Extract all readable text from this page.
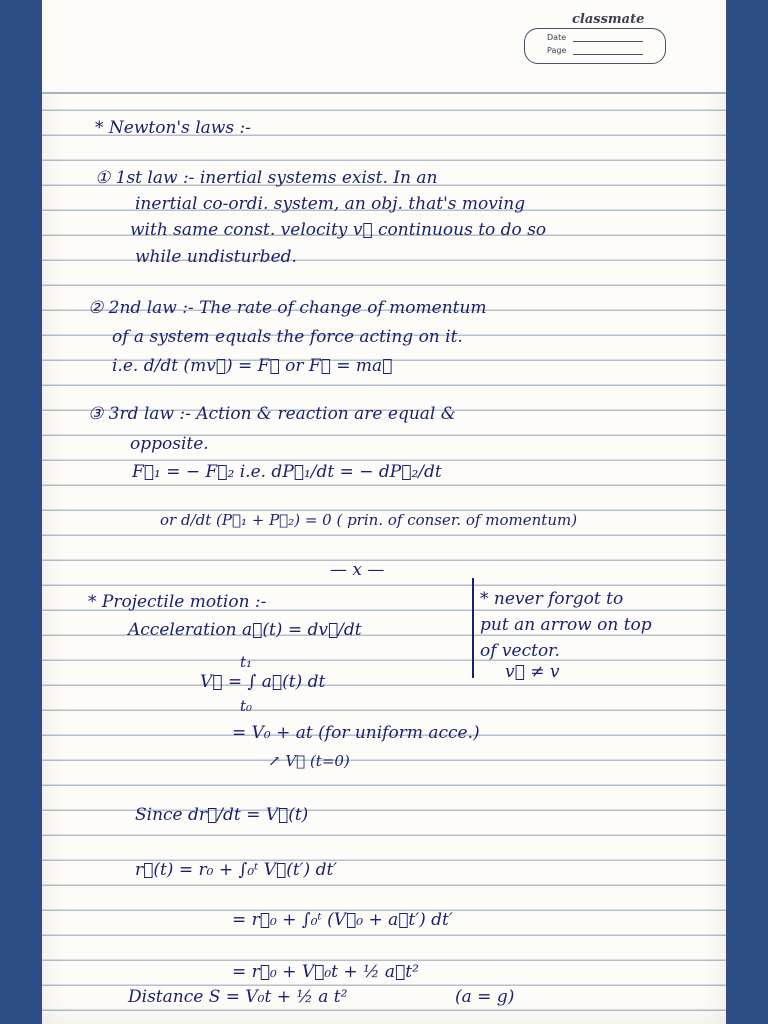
classmate
Date
Page
* Newton's laws :-
① 1st law :- inertial systems exist. In an
inertial co-ordi. system, an obj. that's moving
with same const. velocity v⃗ continuous to do so
while undisturbed.
② 2nd law :- The rate of change of momentum
of a system equals the force acting on it.
i.e. d/dt (mv⃗) = F⃗ or F⃗ = ma⃗
③ 3rd law :- Action & reaction are equal &
opposite.
F⃗₁ = − F⃗₂ i.e. dP⃗₁/dt = − dP⃗₂/dt
or d/dt (P⃗₁ + P⃗₂) = 0 ( prin. of conser. of momentum)
— x —
* Projectile motion :-
Acceleration a⃗(t) = dv⃗/dt
* never forgot to
put an arrow on top
of vector.
v⃗ ≠ v
t₁
V⃗ = ∫ a⃗(t) dt
t₀
= V₀ + at (for uniform acce.)
↗ V⃗ (t=0)
Since dr⃗/dt = V⃗(t)
r⃗(t) = r₀ + ∫₀ᵗ V⃗(t′) dt′
= r⃗₀ + ∫₀ᵗ (V⃗₀ + a⃗t′) dt′
= r⃗₀ + V⃗₀t + ½ a⃗t²
Distance S = V₀t + ½ a t²	(a = g)
